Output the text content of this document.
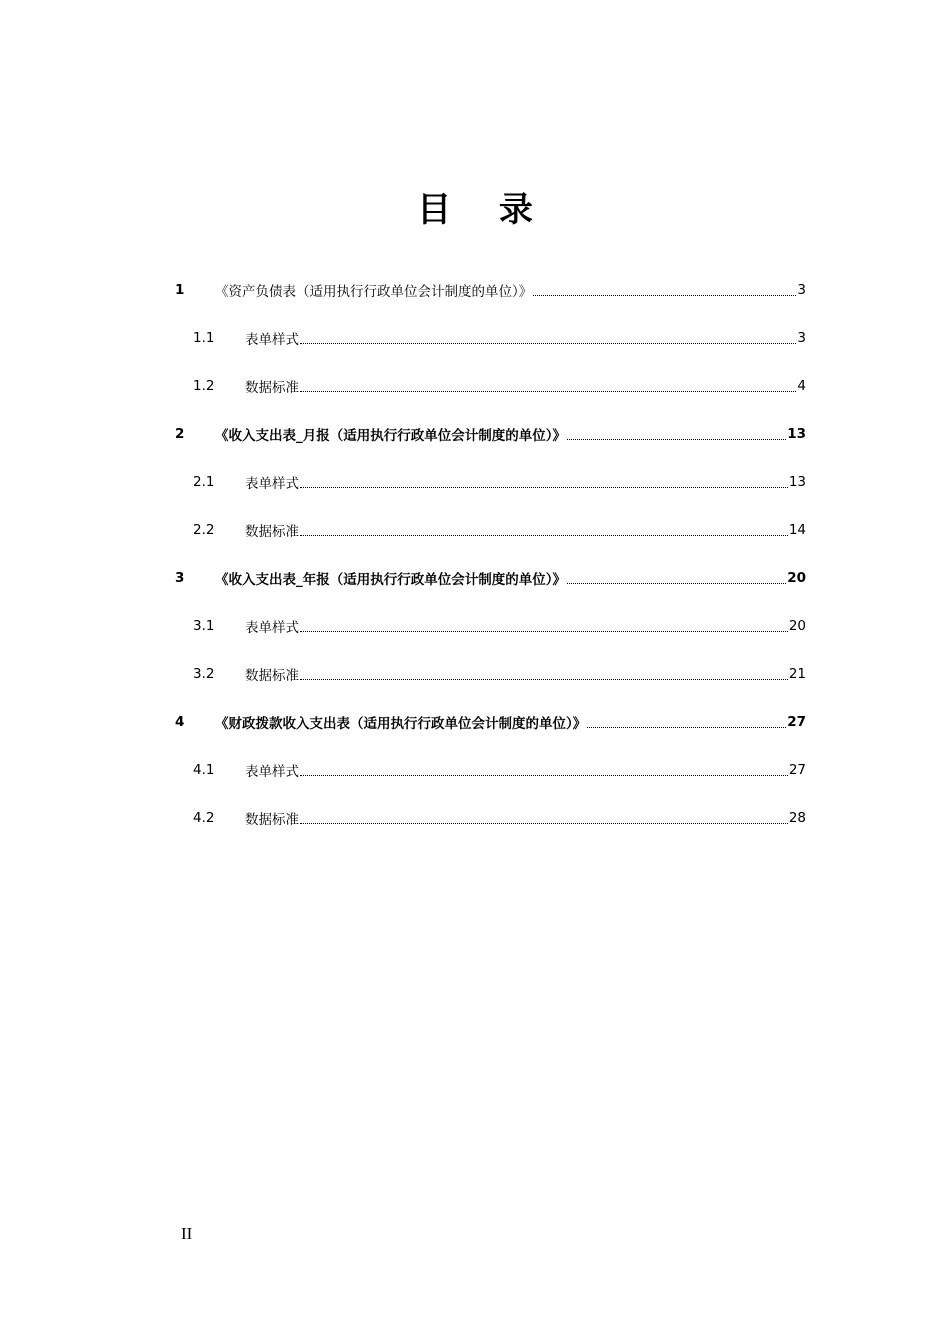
目 录
1	《资产负债表（适用执行行政单位会计制度的单位）》	3
1.1	表单样式	3
1.2	数据标准	4
2	《收入支出表_月报（适用执行行政单位会计制度的单位）》	13
2.1	表单样式	13
2.2	数据标准	14
3	《收入支出表_年报（适用执行行政单位会计制度的单位）》	20
3.1	表单样式	20
3.2	数据标准	21
4	《财政拨款收入支出表（适用执行行政单位会计制度的单位）》	27
4.1	表单样式	27
4.2	数据标准	28
II
